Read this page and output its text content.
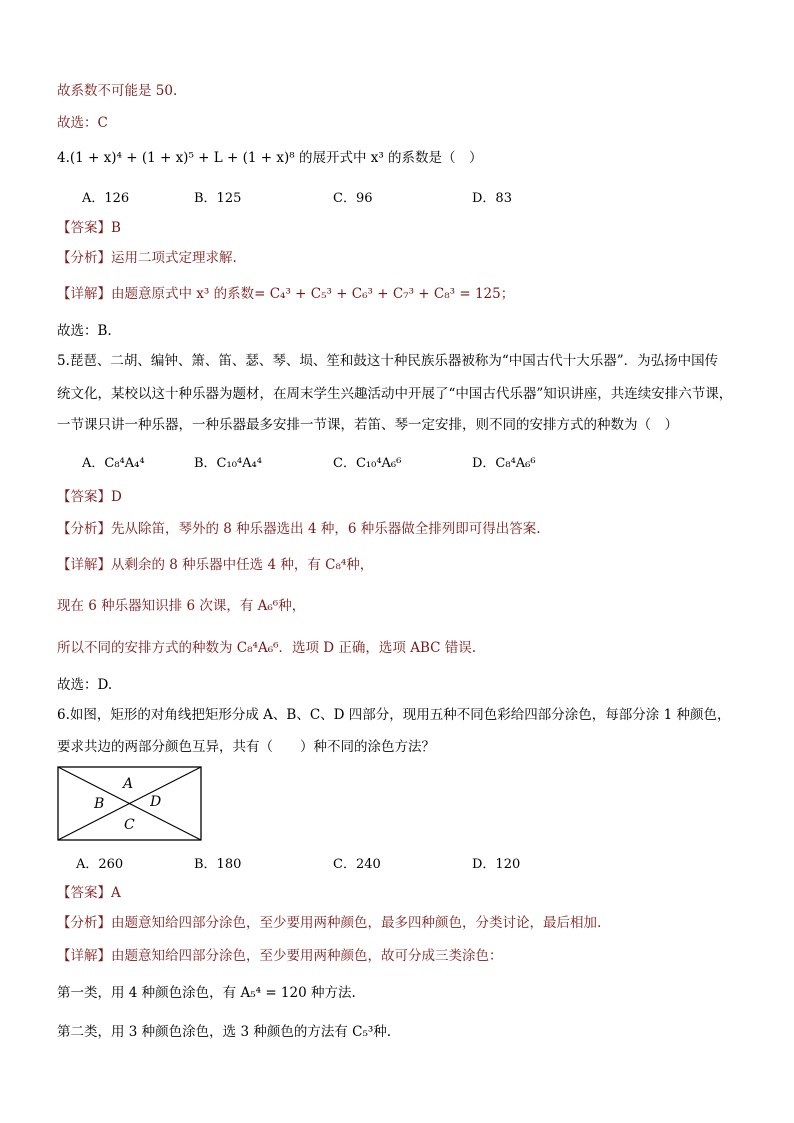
故系数不可能是 50.
故选：C
4.(1 + x)⁴ + (1 + x)⁵ + L + (1 + x)⁸ 的展开式中 x³ 的系数是（　）
A．126	B．125	C．96	D．83
【答案】B
【分析】运用二项式定理求解.
【详解】由题意原式中 x³ 的系数= C₄³ + C₅³ + C₆³ + C₇³ + C₈³ = 125；
故选：B.
5.琵琶、二胡、编钟、箫、笛、瑟、琴、埙、笙和鼓这十种民族乐器被称为“中国古代十大乐器”．为弘扬中国传
统文化，某校以这十种乐器为题材，在周末学生兴趣活动中开展了“中国古代乐器”知识讲座，共连续安排六节课，
一节课只讲一种乐器，一种乐器最多安排一节课，若笛、琴一定安排，则不同的安排方式的种数为（　）
A．C₈⁴A₄⁴	B．C₁₀⁴A₄⁴	C．C₁₀⁴A₆⁶	D．C₈⁴A₆⁶
【答案】D
【分析】先从除笛，琴外的 8 种乐器选出 4 种，6 种乐器做全排列即可得出答案.
【详解】从剩余的 8 种乐器中任选 4 种，有 C₈⁴种，
现在 6 种乐器知识排 6 次课，有 A₆⁶种，
所以不同的安排方式的种数为 C₈⁴A₆⁶．选项 D 正确，选项 ABC 错误.
故选：D.
6.如图，矩形的对角线把矩形分成 A、B、C、D 四部分，现用五种不同色彩给四部分涂色，每部分涂 1 种颜色，
要求共边的两部分颜色互异，共有（　　）种不同的涂色方法？
A
B
C
D
A．260	B．180	C．240	D．120
【答案】A
【分析】由题意知给四部分涂色，至少要用两种颜色，最多四种颜色，分类讨论，最后相加.
【详解】由题意知给四部分涂色，至少要用两种颜色，故可分成三类涂色：
第一类，用 4 种颜色涂色，有 A₅⁴ = 120 种方法.
第二类，用 3 种颜色涂色，选 3 种颜色的方法有 C₅³种.
